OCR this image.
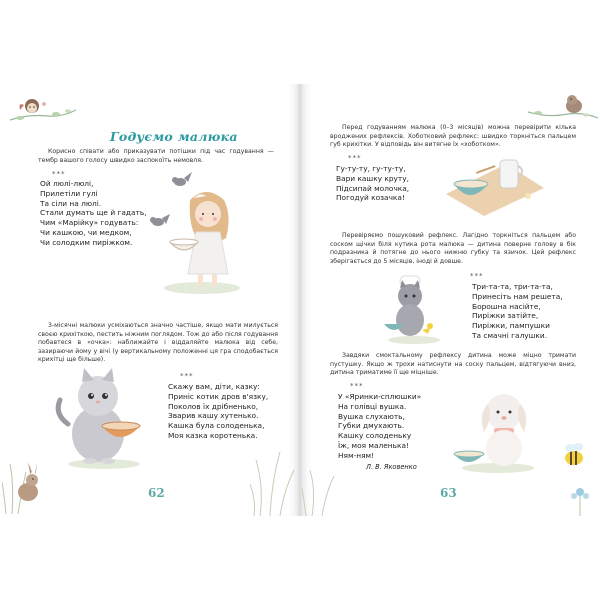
Годуємо малюка

Корисно співати або приказувати потішки під час годування — тембр вашого голосу швидко заспокоїть немовля.

***
Ой люлі-люлі,
Прилетіли гулі
Та сіли на люлі.
Стали думать ще й гадать,
Чим «Марійку» годувать:
Чи кашкою, чи медком,
Чи солодким пиріжком.

3-місячні малюки усміхаються значно частіше, якщо мати милується своєю крихіткою, пестить ніжним поглядом. Тож до або після годування побавтеся в «очка»: наближайте і віддаляйте малюка від себе, зазираючи йому у вічі (у вертикальному положенні ця гра сподобається крихітці ще більше).

***
Скажу вам, діти, казку:
Приніс котик дров в'язку,
Поколов їх дрібненько,
Зварив кашу хутенько.
Кашка була солоденька,
Моя казка коротенька.
62

Перед годуванням малюка (0–3 місяців) можна перевірити кілька вроджених рефлексів. Хоботковий рефлекс: швидко торкніться пальцем губ крихітки. У відповідь він витягне їх «хоботком».

***
Гу-ту-ту, гу-ту-ту,
Вари кашку круту,
Підсипай молочка,
Погодуй козачка!

Перевіряємо пошуковий рефлекс. Лагідно торкніться пальцем або соском щічки біля кутика рота малюка — дитина поверне голову в бік подразника й потягне до нього нижню губку та язичок. Цей рефлекс зберігається до 5 місяців, іноді й довше.

***
Три-та-та, три-та-та,
Принесіть нам решета,
Борошна насійте,
Пиріжки затійте,
Пиріжки, пампушки
Та смачні галушки.

Завдяки смоктальному рефлексу дитина може міцно тримати пустушку. Якщо ж трохи натиснути на соску пальцем, відтягуючи вниз, дитина триматиме її ще міцніше.

***
У «Яринки-сплюшки»
На голівці вушка.
Вушка слухають,
Губки дмухають.
Кашку солоденьку
Їж, моя маленька!
Ням-ням!
Л. В. Яковенко
63
